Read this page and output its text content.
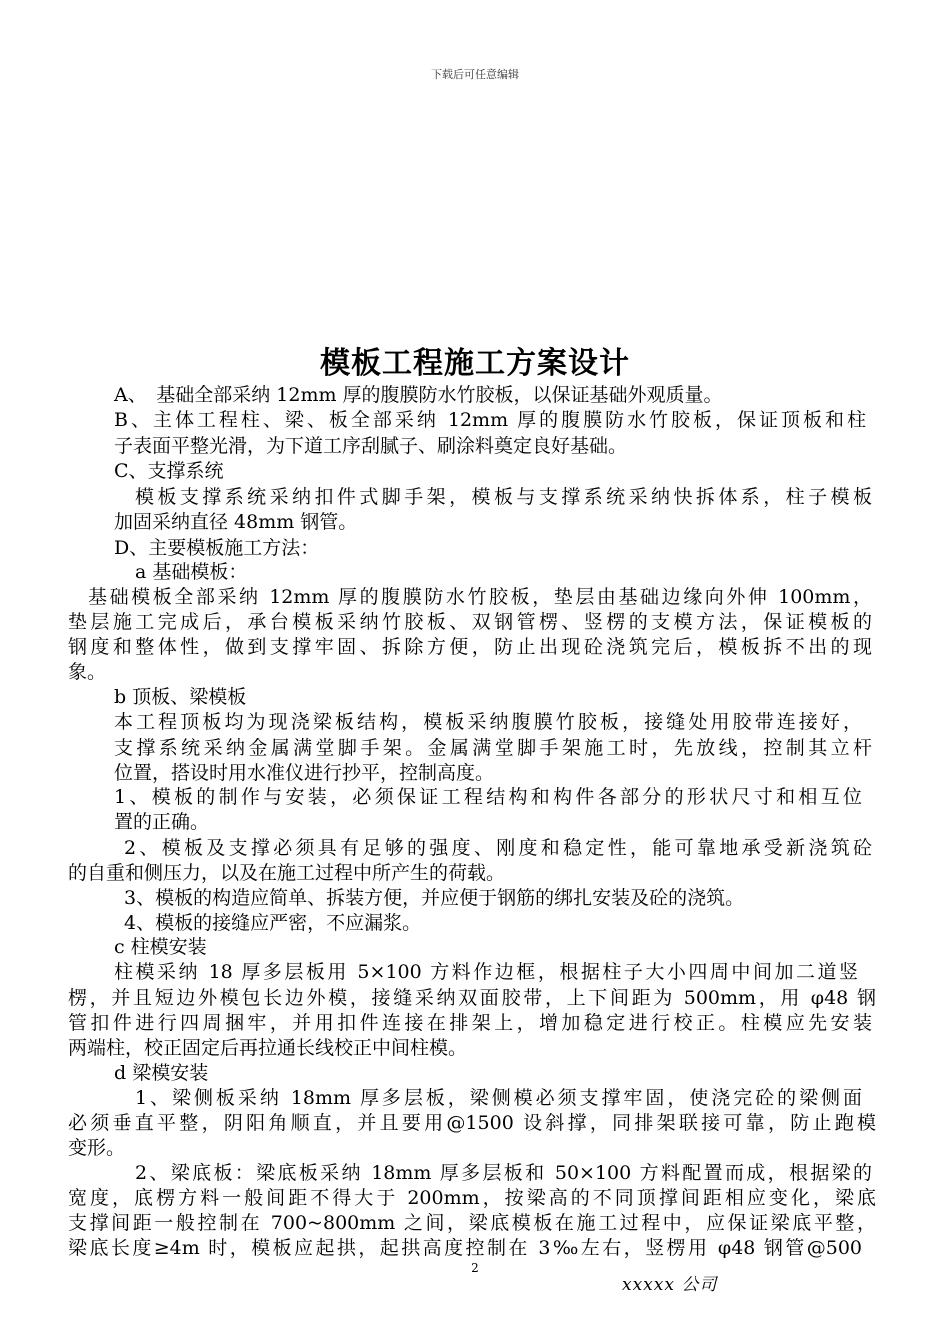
下载后可任意编辑
模板工程施工方案设计
A、　基础全部采纳 12mm 厚的腹膜防水竹胶板，以保证基础外观质量。
B、主体工程柱、梁、板全部采纳 12mm 厚的腹膜防水竹胶板，保证顶板和柱
子表面平整光滑，为下道工序刮腻子、刷涂料奠定良好基础。
C、支撑系统
模板支撑系统采纳扣件式脚手架，模板与支撑系统采纳快拆体系，柱子模板
加固采纳直径 48mm 钢管。
D、主要模板施工方法：
a 基础模板：
基础模板全部采纳 12mm 厚的腹膜防水竹胶板，垫层由基础边缘向外伸 100mm，
垫层施工完成后，承台模板采纳竹胶板、双钢管楞、竖楞的支模方法，保证模板的
钢度和整体性，做到支撑牢固、拆除方便，防止出现砼浇筑完后，模板拆不出的现
象。
b 顶板、梁模板
本工程顶板均为现浇梁板结构，模板采纳腹膜竹胶板，接缝处用胶带连接好，
支撑系统采纳金属满堂脚手架。金属满堂脚手架施工时，先放线，控制其立杆
位置，搭设时用水准仪进行抄平，控制高度。
1、模板的制作与安装，必须保证工程结构和构件各部分的形状尺寸和相互位
置的正确。
2、模板及支撑必须具有足够的强度、刚度和稳定性，能可靠地承受新浇筑砼
的自重和侧压力，以及在施工过程中所产生的荷载。
3、模板的构造应简单、拆装方便，并应便于钢筋的绑扎安装及砼的浇筑。
4、模板的接缝应严密，不应漏浆。
c 柱模安装
柱模采纳 18 厚多层板用 5×100 方料作边框，根据柱子大小四周中间加二道竖
楞，并且短边外模包长边外模，接缝采纳双面胶带，上下间距为 500mm，用 φ48 钢
管扣件进行四周捆牢，并用扣件连接在排架上，增加稳定进行校正。柱模应先安装
两端柱，校正固定后再拉通长线校正中间柱模。
d 梁模安装
1、梁侧板采纳 18mm 厚多层板，梁侧模必须支撑牢固，使浇完砼的梁侧面
必须垂直平整，阴阳角顺直，并且要用@1500 设斜撑，同排架联接可靠，防止跑模
变形。
2、梁底板：梁底板采纳 18mm 厚多层板和 50×100 方料配置而成，根据梁的
宽度，底楞方料一般间距不得大于 200mm，按梁高的不同顶撑间距相应变化，梁底
支撑间距一般控制在 700~800mm 之间，梁底模板在施工过程中，应保证梁底平整，
梁底长度≥4m 时，模板应起拱，起拱高度控制在 3‰左右，竖楞用 φ48 钢管@500
2
xxxxx 公司
